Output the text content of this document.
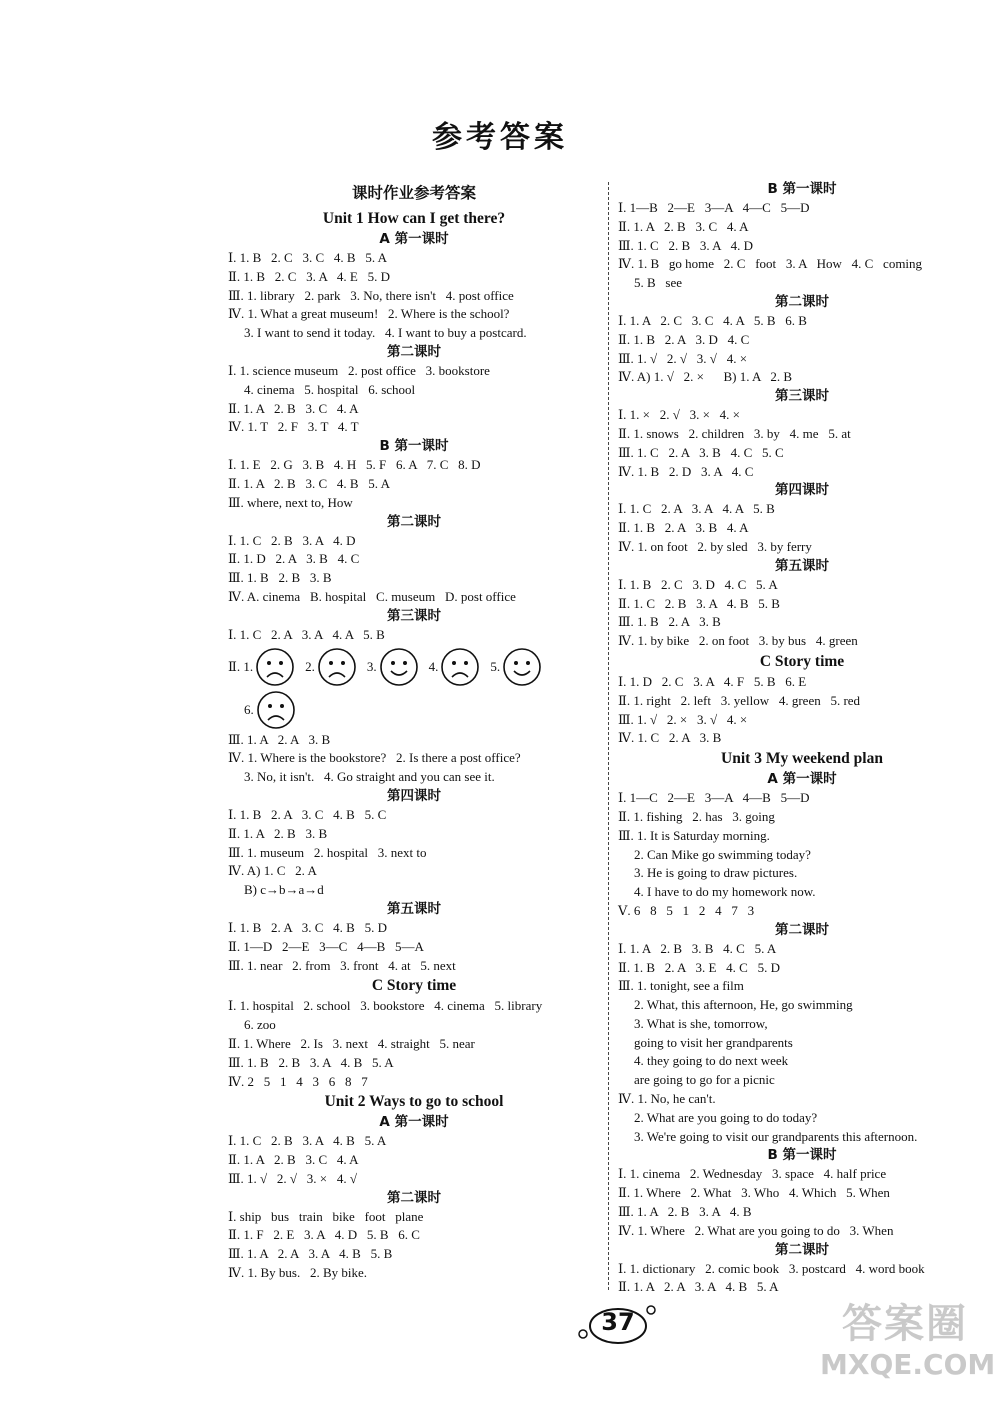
参考答案
课时作业参考答案
Unit 1 How can I get there?
A 第一课时
Ⅰ. 1. B   2. C   3. C   4. B   5. A
Ⅱ. 1. B   2. C   3. A   4. E   5. D
Ⅲ. 1. library   2. park   3. No, there isn't   4. post office
Ⅳ. 1. What a great museum!   2. Where is the school?
3. I want to send it today.   4. I want to buy a postcard.
第二课时
Ⅰ. 1. science museum   2. post office   3. bookstore
4. cinema   5. hospital   6. school
Ⅱ. 1. A   2. B   3. C   4. A
Ⅳ. 1. T   2. F   3. T   4. T
B 第一课时
Ⅰ. 1. E   2. G   3. B   4. H   5. F   6. A   7. C   8. D
Ⅱ. 1. A   2. B   3. C   4. B   5. A
Ⅲ. where, next to, How
第二课时
Ⅰ. 1. C   2. B   3. A   4. D
Ⅱ. 1. D   2. A   3. B   4. C
Ⅲ. 1. B   2. B   3. B
Ⅳ. A. cinema   B. hospital   C. museum   D. post office
第三课时
Ⅰ. 1. C   2. A   3. A   4. A   5. B
Ⅱ. 1.	2.	3.	4.	5.
6.
Ⅲ. 1. A   2. A   3. B
Ⅳ. 1. Where is the bookstore?   2. Is there a post office?
3. No, it isn't.   4. Go straight and you can see it.
第四课时
Ⅰ. 1. B   2. A   3. C   4. B   5. C
Ⅱ. 1. A   2. B   3. B
Ⅲ. 1. museum   2. hospital   3. next to
Ⅳ. A) 1. C   2. A
B) c→b→a→d
第五课时
Ⅰ. 1. B   2. A   3. C   4. B   5. D
Ⅱ. 1—D   2—E   3—C   4—B   5—A
Ⅲ. 1. near   2. from   3. front   4. at   5. next
C Story time
Ⅰ. 1. hospital   2. school   3. bookstore   4. cinema   5. library
6. zoo
Ⅱ. 1. Where   2. Is   3. next   4. straight   5. near
Ⅲ. 1. B   2. B   3. A   4. B   5. A
Ⅳ. 2   5   1   4   3   6   8   7
Unit 2 Ways to go to school
A 第一课时
Ⅰ. 1. C   2. B   3. A   4. B   5. A
Ⅱ. 1. A   2. B   3. C   4. A
Ⅲ. 1. √   2. √   3. ×   4. √
第二课时
Ⅰ. ship   bus   train   bike   foot   plane
Ⅱ. 1. F   2. E   3. A   4. D   5. B   6. C
Ⅲ. 1. A   2. A   3. A   4. B   5. B
Ⅳ. 1. By bus.   2. By bike.
B 第一课时
Ⅰ. 1—B   2—E   3—A   4—C   5—D
Ⅱ. 1. A   2. B   3. C   4. A
Ⅲ. 1. C   2. B   3. A   4. D
Ⅳ. 1. B   go home   2. C   foot   3. A   How   4. C   coming
5. B   see
第二课时
Ⅰ. 1. A   2. C   3. C   4. A   5. B   6. B
Ⅱ. 1. B   2. A   3. D   4. C
Ⅲ. 1. √   2. √   3. √   4. ×
Ⅳ. A) 1. √   2. ×      B) 1. A   2. B
第三课时
Ⅰ. 1. ×   2. √   3. ×   4. ×
Ⅱ. 1. snows   2. children   3. by   4. me   5. at
Ⅲ. 1. C   2. A   3. B   4. C   5. C
Ⅳ. 1. B   2. D   3. A   4. C
第四课时
Ⅰ. 1. C   2. A   3. A   4. A   5. B
Ⅱ. 1. B   2. A   3. B   4. A
Ⅳ. 1. on foot   2. by sled   3. by ferry
第五课时
Ⅰ. 1. B   2. C   3. D   4. C   5. A
Ⅱ. 1. C   2. B   3. A   4. B   5. B
Ⅲ. 1. B   2. A   3. B
Ⅳ. 1. by bike   2. on foot   3. by bus   4. green
C Story time
Ⅰ. 1. D   2. C   3. A   4. F   5. B   6. E
Ⅱ. 1. right   2. left   3. yellow   4. green   5. red
Ⅲ. 1. √   2. ×   3. √   4. ×
Ⅳ. 1. C   2. A   3. B
Unit 3 My weekend plan
A 第一课时
Ⅰ. 1—C   2—E   3—A   4—B   5—D
Ⅱ. 1. fishing   2. has   3. going
Ⅲ. 1. It is Saturday morning.
2. Can Mike go swimming today?
3. He is going to draw pictures.
4. I have to do my homework now.
Ⅴ. 6   8   5   1   2   4   7   3
第二课时
Ⅰ. 1. A   2. B   3. B   4. C   5. A
Ⅱ. 1. B   2. A   3. E   4. C   5. D
Ⅲ. 1. tonight, see a film
2. What, this afternoon, He, go swimming
3. What is she, tomorrow,
going to visit her grandparents
4. they going to do next week
are going to go for a picnic
Ⅳ. 1. No, he can't.
2. What are you going to do today?
3. We're going to visit our grandparents this afternoon.
B 第一课时
Ⅰ. 1. cinema   2. Wednesday   3. space   4. half price
Ⅱ. 1. Where   2. What   3. Who   4. Which   5. When
Ⅲ. 1. A   2. B   3. A   4. B
Ⅳ. 1. Where   2. What are you going to do   3. When
第二课时
Ⅰ. 1. dictionary   2. comic book   3. postcard   4. word book
Ⅱ. 1. A   2. A   3. A   4. B   5. A
37	答案圈
MXQE.COM
